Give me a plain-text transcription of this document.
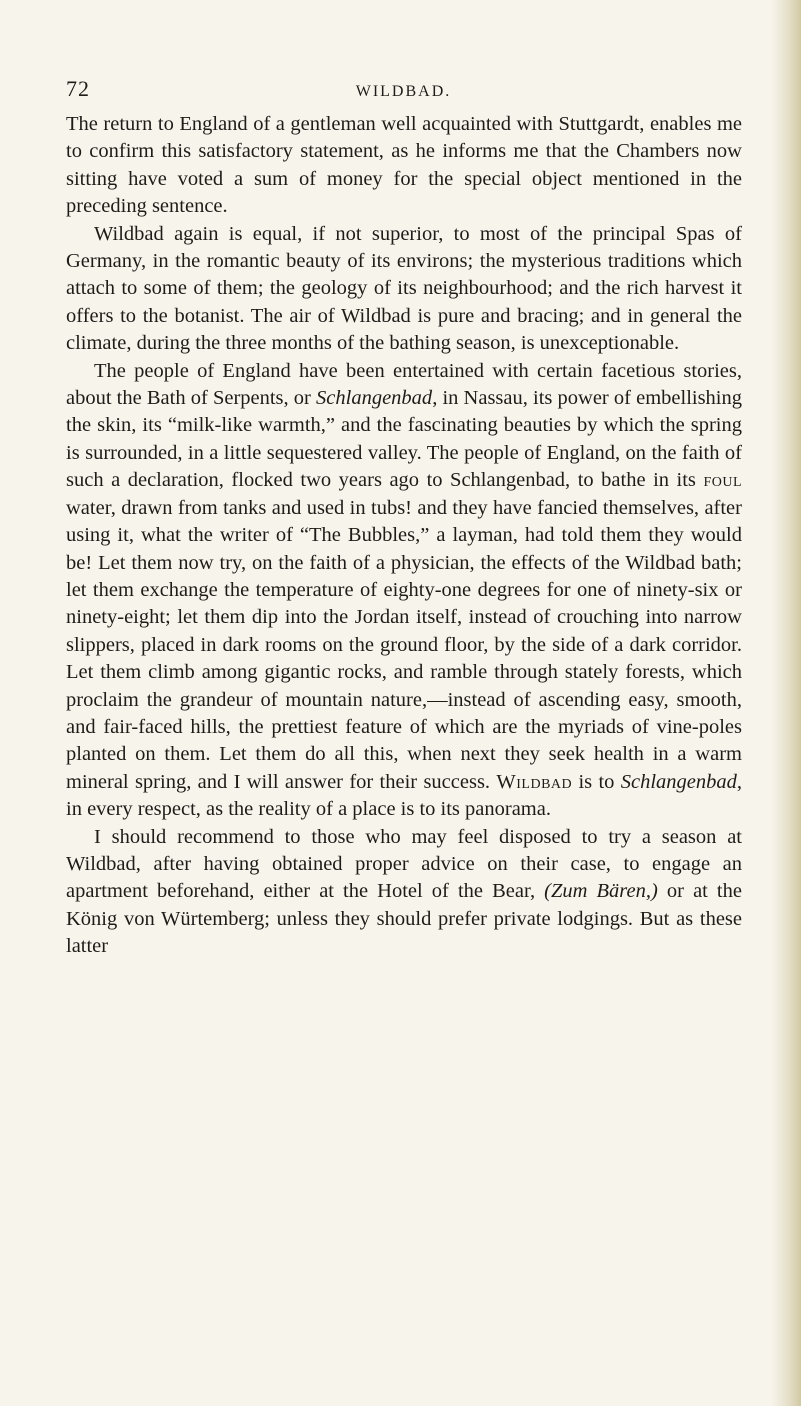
72	WILDBAD.

The return to England of a gentleman well acquainted with Stuttgardt, enables me to confirm this satisfactory statement, as he informs me that the Chambers now sitting have voted a sum of money for the special object mentioned in the preceding sentence.

Wildbad again is equal, if not superior, to most of the principal Spas of Germany, in the romantic beauty of its environs; the mysterious traditions which attach to some of them; the geology of its neighbourhood; and the rich harvest it offers to the botanist. The air of Wildbad is pure and bracing; and in general the climate, during the three months of the bathing season, is unexceptionable.

The people of England have been entertained with certain facetious stories, about the Bath of Serpents, or Schlangenbad, in Nassau, its power of embellishing the skin, its “milk-like warmth,” and the fascinating beauties by which the spring is surrounded, in a little sequestered valley. The people of England, on the faith of such a declaration, flocked two years ago to Schlangenbad, to bathe in its foul water, drawn from tanks and used in tubs! and they have fancied themselves, after using it, what the writer of “The Bubbles,” a layman, had told them they would be! Let them now try, on the faith of a physician, the effects of the Wildbad bath; let them exchange the temperature of eighty-one degrees for one of ninety-six or ninety-eight; let them dip into the Jordan itself, instead of crouching into narrow slippers, placed in dark rooms on the ground floor, by the side of a dark corridor. Let them climb among gigantic rocks, and ramble through stately forests, which proclaim the grandeur of mountain nature,—instead of ascending easy, smooth, and fair-faced hills, the prettiest feature of which are the myriads of vine-poles planted on them. Let them do all this, when next they seek health in a warm mineral spring, and I will answer for their success. Wildbad is to Schlangenbad, in every respect, as the reality of a place is to its panorama.

I should recommend to those who may feel disposed to try a season at Wildbad, after having obtained proper advice on their case, to engage an apartment beforehand, either at the Hotel of the Bear, (Zum Bären,) or at the König von Würtemberg; unless they should prefer private lodgings. But as these latter
